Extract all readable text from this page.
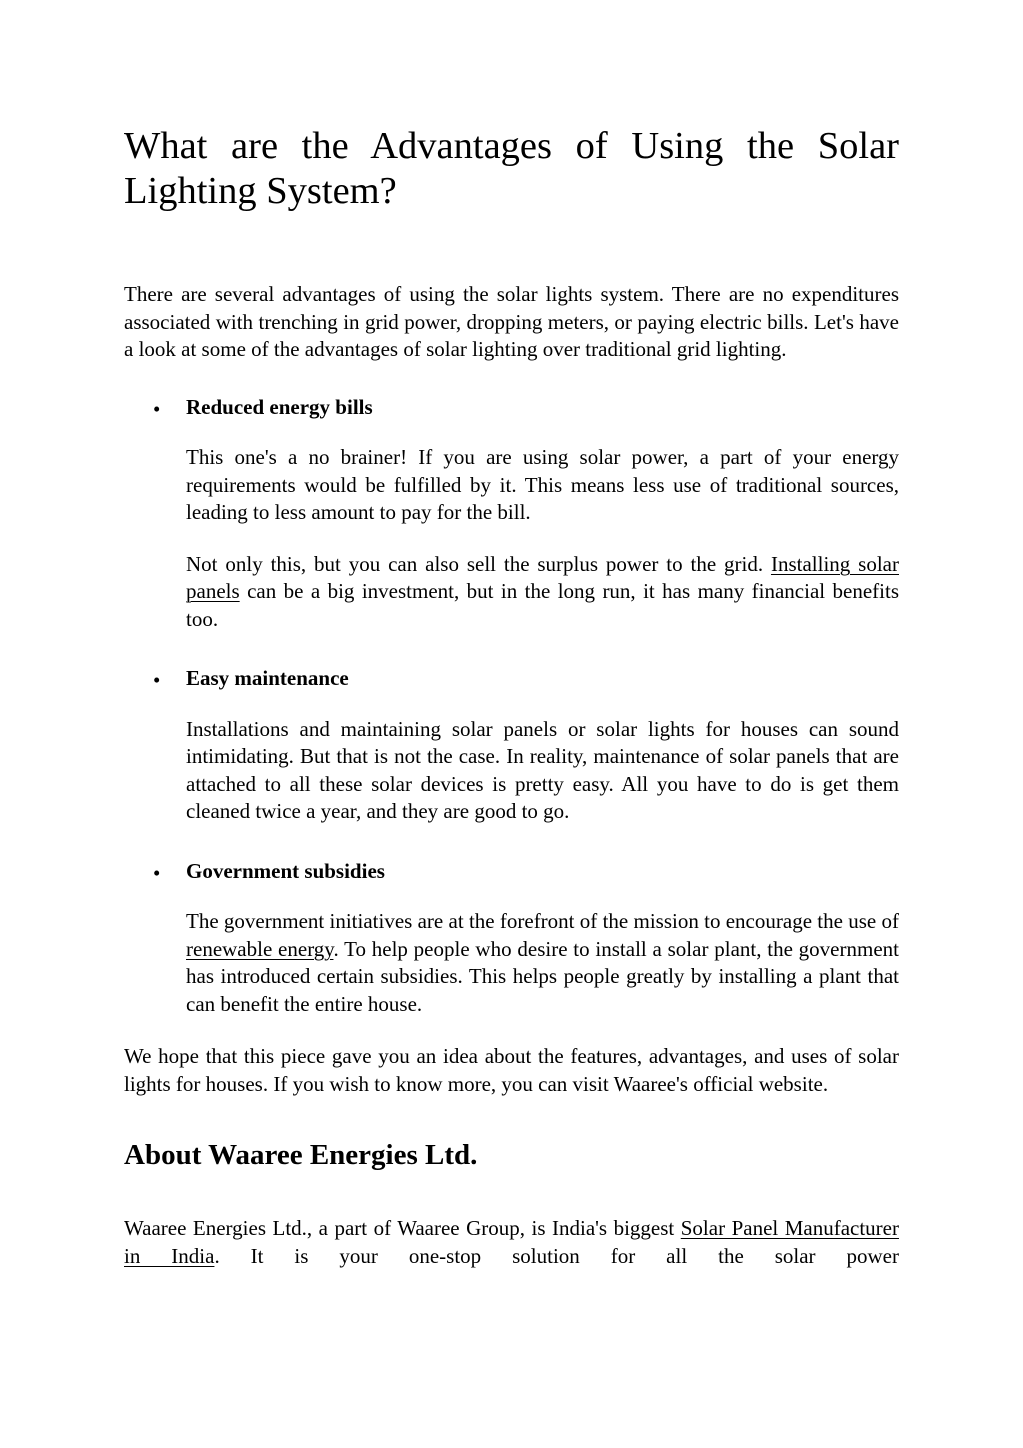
What are the Advantages of Using the Solar Lighting System?

There are several advantages of using the solar lights system. There are no expenditures associated with trenching in grid power, dropping meters, or paying electric bills. Let's have a look at some of the advantages of solar lighting over traditional grid lighting.

•
Reduced energy bills

This one's a no brainer! If you are using solar power, a part of your energy requirements would be fulfilled by it. This means less use of traditional sources, leading to less amount to pay for the bill.

Not only this, but you can also sell the surplus power to the grid. Installing solar panels can be a big investment, but in the long run, it has many financial benefits too.

•
Easy maintenance

Installations and maintaining solar panels or solar lights for houses can sound intimidating. But that is not the case. In reality, maintenance of solar panels that are attached to all these solar devices is pretty easy. All you have to do is get them cleaned twice a year, and they are good to go.

•
Government subsidies

The government initiatives are at the forefront of the mission to encourage the use of renewable energy. To help people who desire to install a solar plant, the government has introduced certain subsidies. This helps people greatly by installing a plant that can benefit the entire house.

We hope that this piece gave you an idea about the features, advantages, and uses of solar lights for houses. If you wish to know more, you can visit Waaree's official website.

About Waaree Energies Ltd.

Waaree Energies Ltd., a part of Waaree Group, is India's biggest Solar Panel Manufacturer in India. It is your one-stop solution for all the solar power
